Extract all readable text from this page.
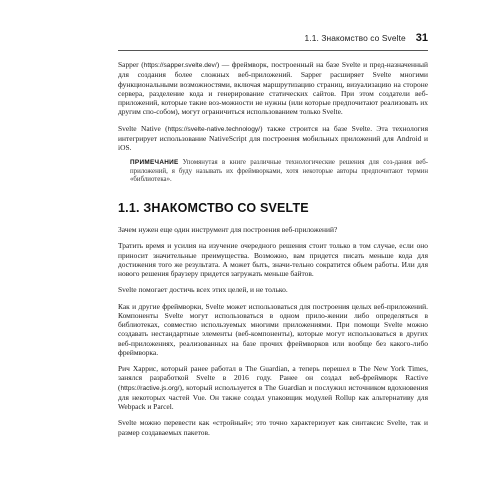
1.1. Знакомство со Svelte 31

Sapper (https://sapper.svelte.dev/) — фреймворк, построенный на базе Svelte и пред-назначенный для создания более сложных веб-приложений. Sapper расширяет Svelte многими функциональными возможностями, включая маршрутизацию страниц, визуализацию на стороне сервера, разделение кода и генерирование статических сайтов. При этом создатели веб-приложений, которые такие воз-можности не нужны (или которые предпочитают реализовать их другим спо-собом), могут ограничиться использованием только Svelte.

Svelte Native (https://svelte-native.technology/) также строится на базе Svelte. Эта технология интегрирует использование NativeScript для построения мобильных приложений для Android и iOS.

ПРИМЕЧАНИЕ Упомянутая в книге различные технологические решения для соз-дания веб-приложений, я буду называть их фреймворками, хотя некоторые авторы предпочитают термин «библиотека».
1.1. ЗНАКОМСТВО СО SVELTE

Зачем нужен еще один инструмент для построения веб-приложений?

Тратить время и усилия на изучение очередного решения стоит только в том случае, если оно приносит значительные преимущества. Возможно, вам придется писать меньше кода для достижения того же результата. А может быть, значи-тельно сократится объем работы. Или для нового решения браузеру придется загружать меньше байтов.

Svelte помогает достичь всех этих целей, и не только.

Как и другие фреймворки, Svelte может использоваться для построения целых веб-приложений. Компоненты Svelte могут использоваться в одном прило-жении либо определяться в библиотеках, совместно используемых многими приложениями. При помощи Svelte можно создавать нестандартные элементы (веб-компоненты), которые могут использоваться в других веб-приложениях, реализованных на базе прочих фреймворков или вообще без какого-либо фреймворка.

Рич Харрис, который ранее работал в The Guardian, а теперь перешел в The New York Times, занялся разработкой Svelte в 2016 году. Ранее он создал веб-фреймворк Ractive (https://ractive.js.org/), который используется в The Guardian и послужил источником вдохновения для некоторых частей Vue. Он также создал упаковщик модулей Rollup как альтернативу для Webpack и Parcel.

Svelte можно перевести как «стройный»; это точно характеризует как синтаксис Svelte, так и размер создаваемых пакетов.
